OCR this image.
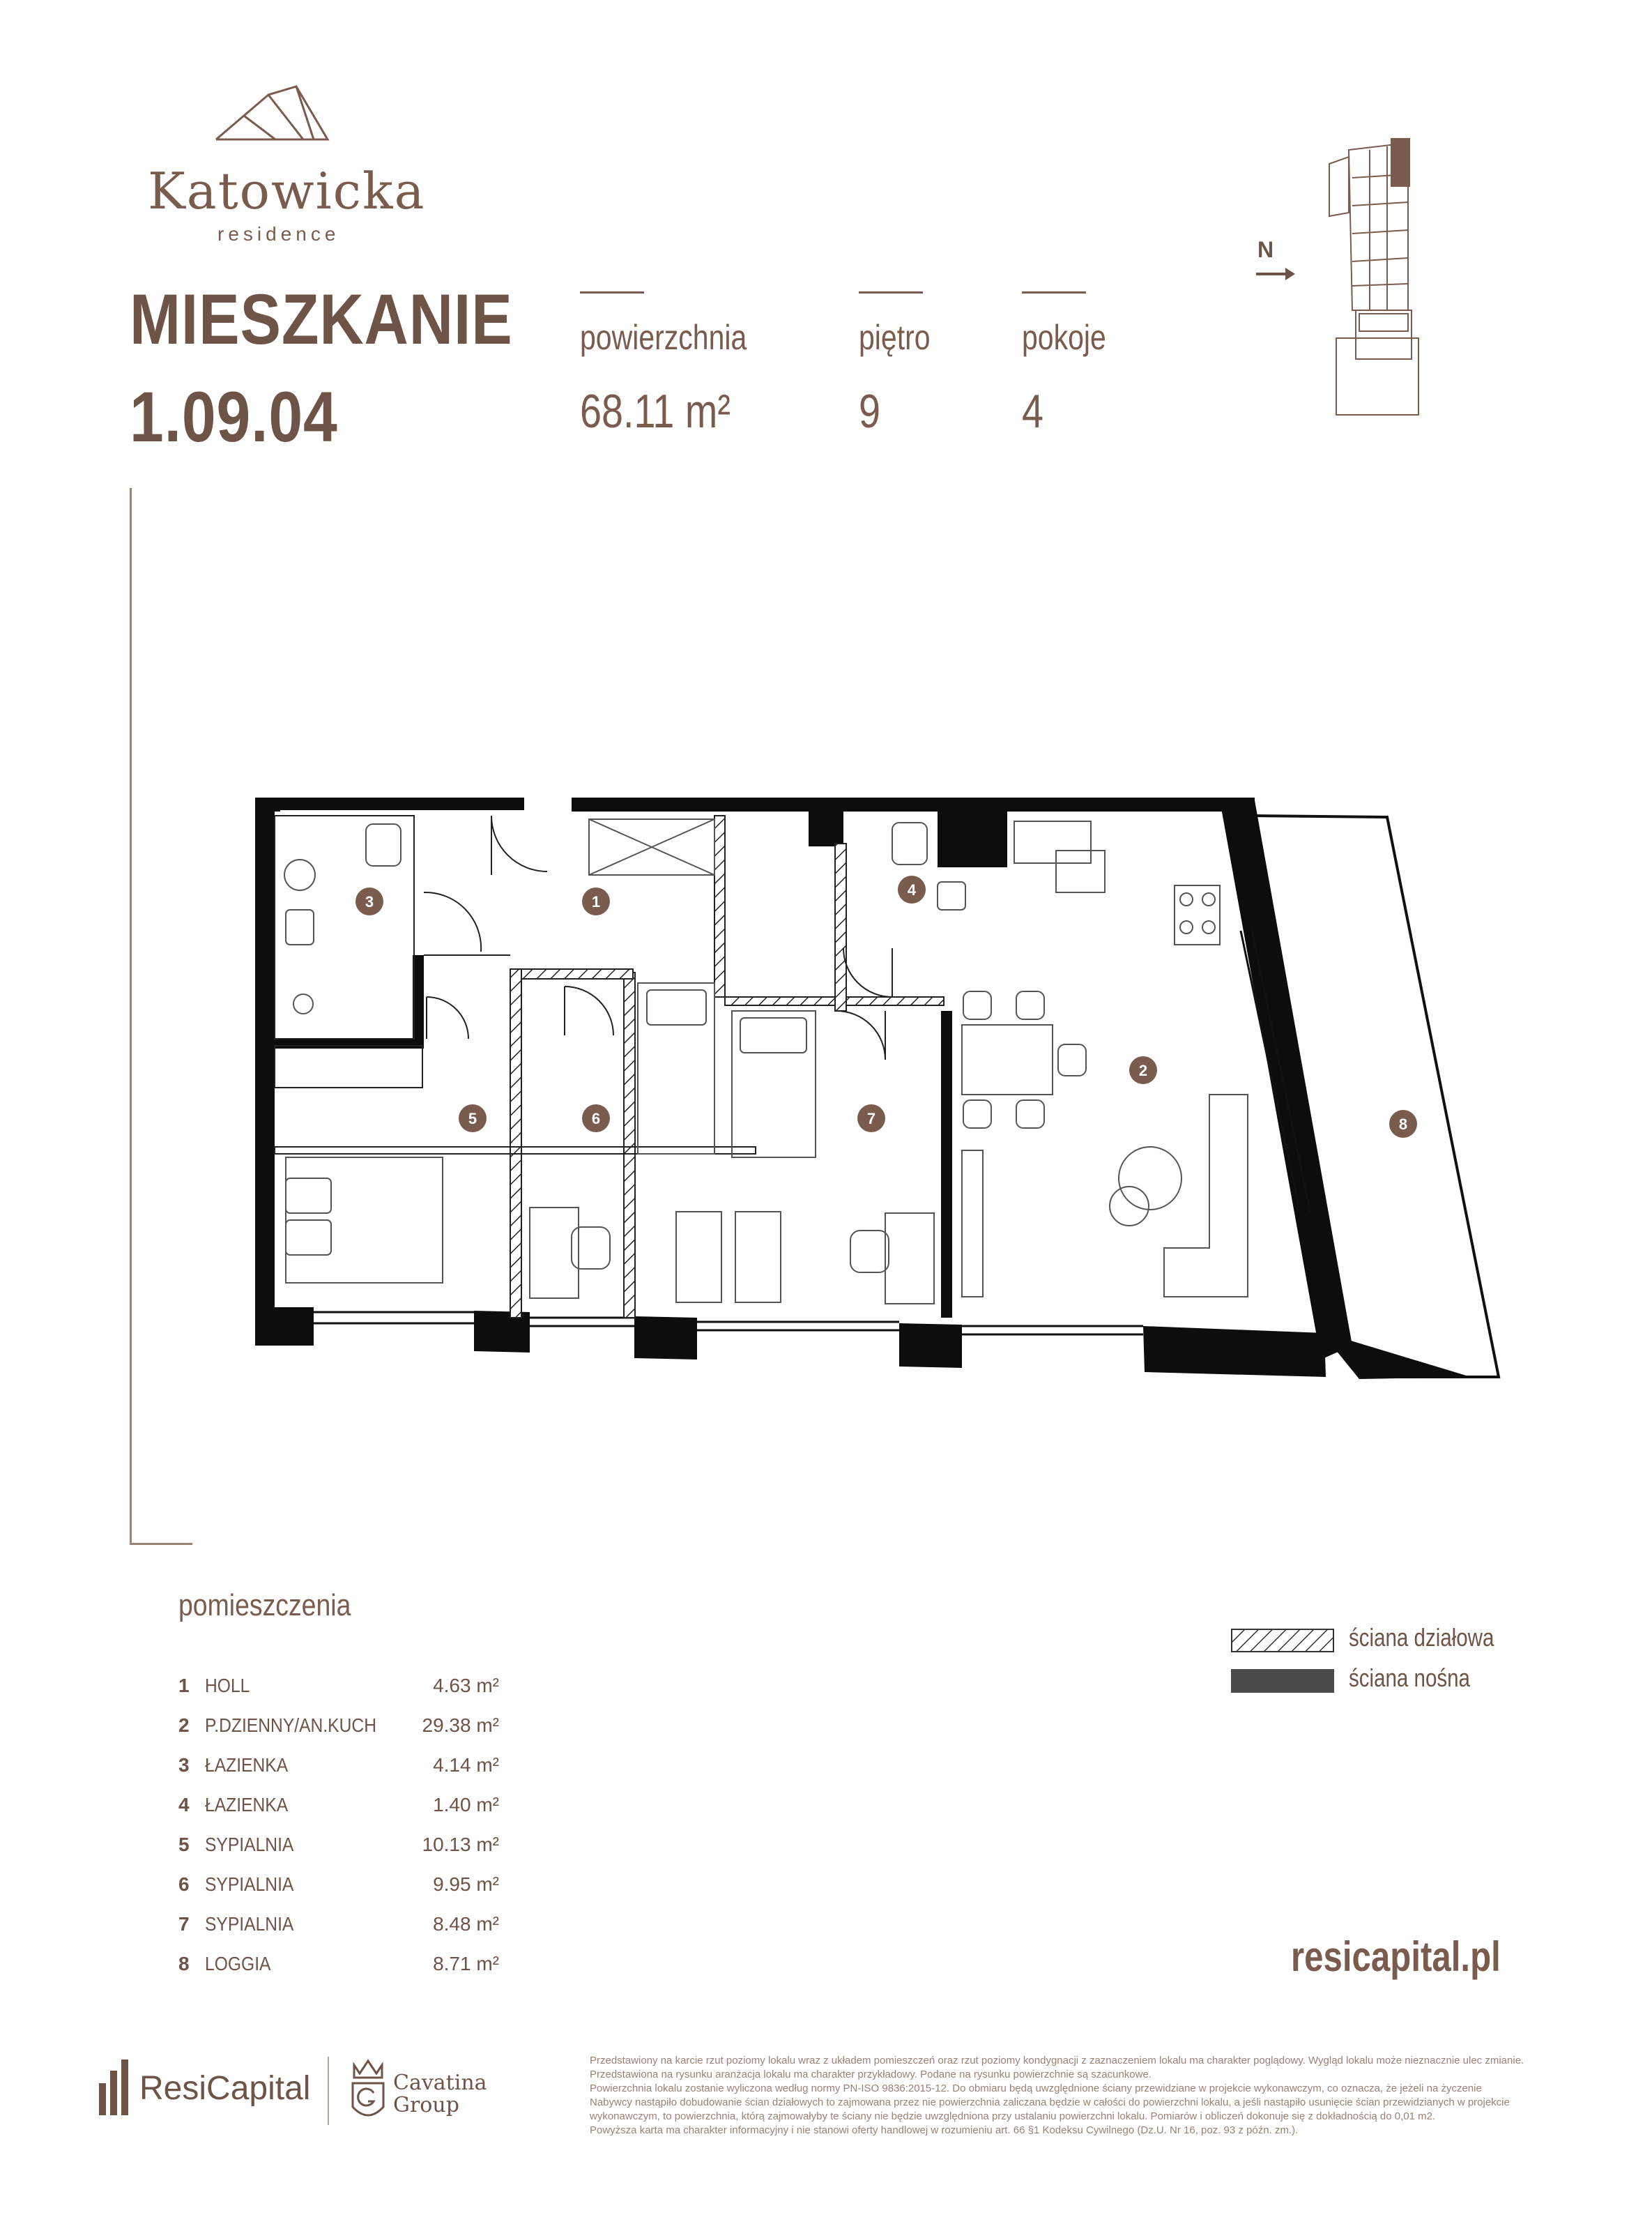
Katowicka
residence
MIESZKANIE
1.09.04
powierzchnia
68.11 m²
piętro
9
pokoje
4
N
1
2
3
4
5	6	7	8
pomieszczenia
1 HOLL	4.63 m²
2 P.DZIENNY/AN.KUCH 29.38 m²
3 ŁAZIENKA	4.14 m²
4 ŁAZIENKA	1.40 m²
5 SYPIALNIA	10.13 m²
6 SYPIALNIA	9.95 m²
7 SYPIALNIA	8.48 m²
8 LOGGIA	8.71 m²
ściana działowa
ściana nośna
resicapital.pl
ResiCapital	Cavatina
Group

Przedstawiony na karcie rzut poziomy lokalu wraz z układem pomieszczeń oraz rzut poziomy kondygnacji z zaznaczeniem lokalu ma charakter poglądowy. Wygląd lokalu może nieznacznie ulec zmianie.

Przedstawiona na rysunku aranżacja lokalu ma charakter przykładowy. Podane na rysunku powierzchnie są szacunkowe.

Powierzchnia lokalu zostanie wyliczona według normy PN-ISO 9836:2015-12. Do obmiaru będą uwzględnione ściany przewidziane w projekcie wykonawczym, co oznacza, że jeżeli na życzenie

Nabywcy nastąpiło dobudowanie ścian działowych to zajmowana przez nie powierzchnia zaliczana będzie w całości do powierzchni lokalu, a jeśli nastąpiło usunięcie ścian przewidzianych w projekcie

wykonawczym, to powierzchnia, którą zajmowałyby te ściany nie będzie uwzględniona przy ustalaniu powierzchni lokalu. Pomiarów i obliczeń dokonuje się z dokładnością do 0,01 m2.

Powyższa karta ma charakter informacyjny i nie stanowi oferty handlowej w rozumieniu art. 66 §1 Kodeksu Cywilnego (Dz.U. Nr 16, poz. 93 z późn. zm.).
